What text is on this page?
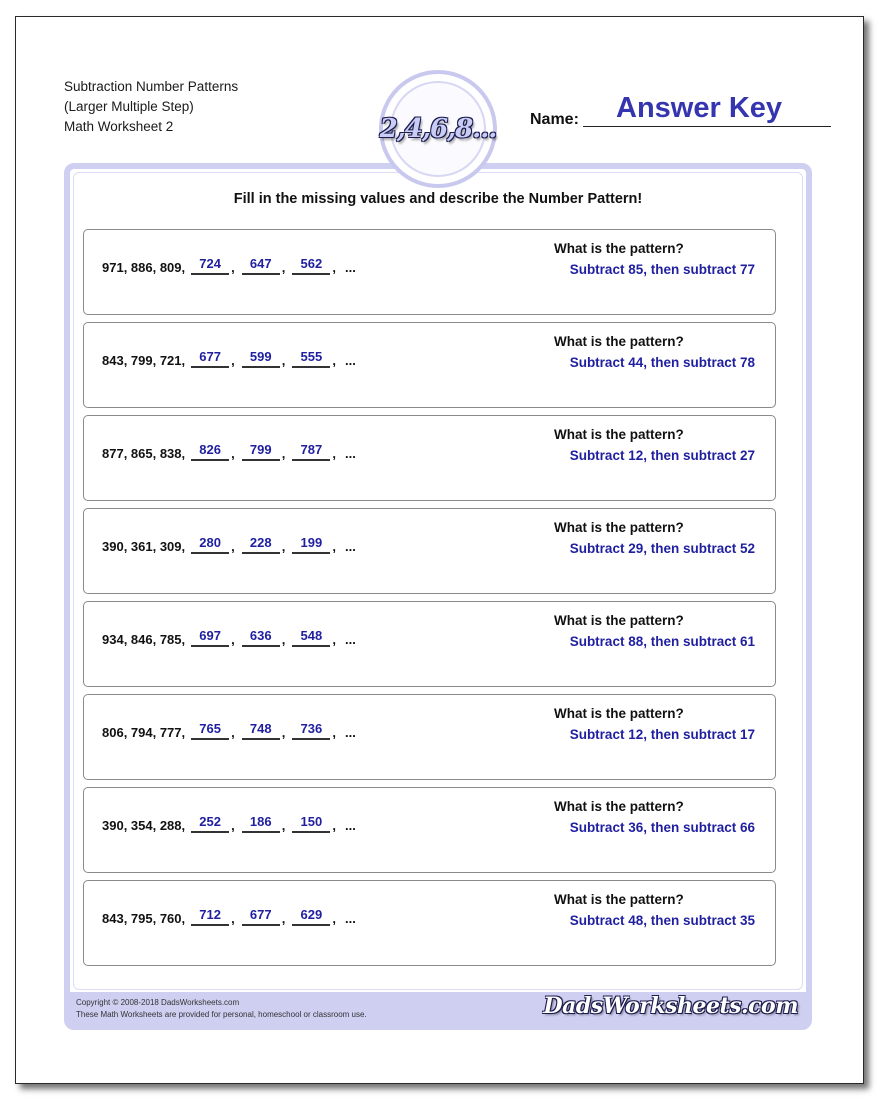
Subtraction Number Patterns
(Larger Multiple Step)
Math Worksheet 2
Copyright © 2008-2018 DadsWorksheets.com
These Math Worksheets are provided for personal, homeschool or classroom use.	DadsWorksheets.com
2,4,6,8...
Answer Key
Name:
Fill in the missing values and describe the Number Pattern!
971, 886, 809,	724 ,	647 ,	562 , ...
What is the pattern?
Subtract 85, then subtract 77
843, 799, 721,	677 ,	599 ,	555 , ...
What is the pattern?
Subtract 44, then subtract 78
877, 865, 838,	826 ,	799 ,	787 , ...
What is the pattern?
Subtract 12, then subtract 27
390, 361, 309,	280 ,	228 ,	199 , ...
What is the pattern?
Subtract 29, then subtract 52
934, 846, 785,	697 ,	636 ,	548 , ...
What is the pattern?
Subtract 88, then subtract 61
806, 794, 777,	765 ,	748 ,	736 , ...
What is the pattern?
Subtract 12, then subtract 17
390, 354, 288,	252 ,	186 ,	150 , ...
What is the pattern?
Subtract 36, then subtract 66
843, 795, 760,	712 ,	677 ,	629 , ...
What is the pattern?
Subtract 48, then subtract 35
